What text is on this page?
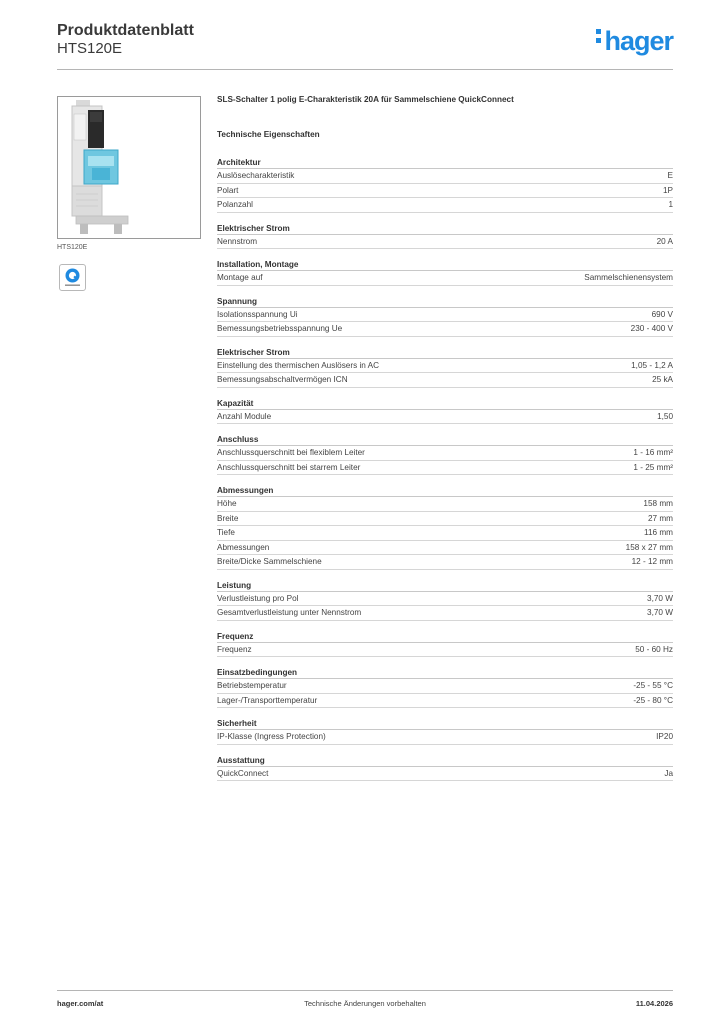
Produktdatenblatt
HTS120E	hager
HTS120E
SLS-Schalter 1 polig E-Charakteristik 20A für Sammelschiene QuickConnect
Technische Eigenschaften
Architektur
Auslösecharakteristik	E
Polart	1P
Polanzahl	1
Elektrischer Strom
Nennstrom	20 A
Installation, Montage
Montage auf	Sammelschienensystem
Spannung
Isolationsspannung Ui	690 V
Bemessungsbetriebsspannung Ue	230 - 400 V
Elektrischer Strom
Einstellung des thermischen Auslösers in AC	1,05 - 1,2 A
Bemessungsabschaltvermögen ICN	25 kA
Kapazität
Anzahl Module	1,50
Anschluss
Anschlussquerschnitt bei flexiblem Leiter	1 - 16 mm²
Anschlussquerschnitt bei starrem Leiter	1 - 25 mm²
Abmessungen
Höhe	158 mm
Breite	27 mm
Tiefe	116 mm
Abmessungen	158 x 27 mm
Breite/Dicke Sammelschiene	12 - 12 mm
Leistung
Verlustleistung pro Pol	3,70 W
Gesamtverlustleistung unter Nennstrom	3,70 W
Frequenz
Frequenz	50 - 60 Hz
Einsatzbedingungen
Betriebstemperatur	-25 - 55 °C
Lager-/Transporttemperatur	-25 - 80 °C
Sicherheit
IP-Klasse (Ingress Protection)	IP20
Ausstattung
QuickConnect	Ja
hager.com/at	Technische Änderungen vorbehalten	11.04.2026
